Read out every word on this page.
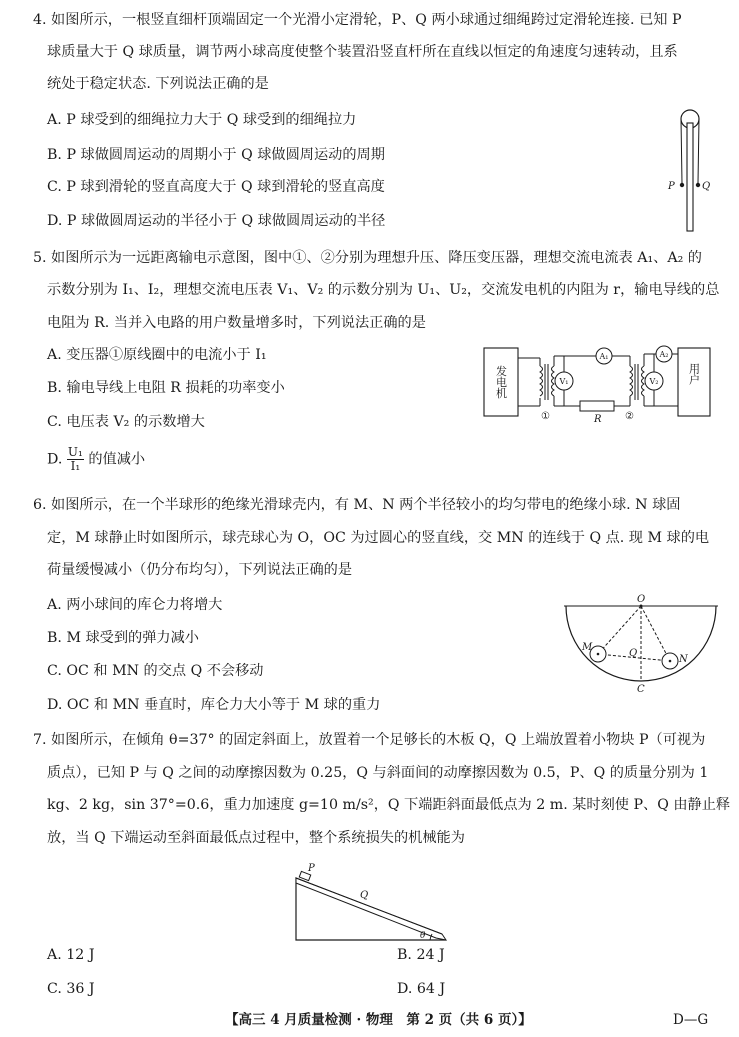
4. 如图所示，一根竖直细杆顶端固定一个光滑小定滑轮，P、Q 两小球通过细绳跨过定滑轮连接. 已知 P
球质量大于 Q 球质量，调节两小球高度使整个装置沿竖直杆所在直线以恒定的角速度匀速转动，且系
统处于稳定状态. 下列说法正确的是
A. P 球受到的细绳拉力大于 Q 球受到的细绳拉力
B. P 球做圆周运动的周期小于 Q 球做圆周运动的周期
C. P 球到滑轮的竖直高度大于 Q 球到滑轮的竖直高度
D. P 球做圆周运动的半径小于 Q 球做圆周运动的半径
P	Q
5. 如图所示为一远距离输电示意图，图中①、②分别为理想升压、降压变压器，理想交流电流表 A₁、A₂ 的
示数分别为 I₁、I₂，理想交流电压表 V₁、V₂ 的示数分别为 U₁、U₂，交流发电机的内阻为 r，输电导线的总
电阻为 R. 当并入电路的用户数量增多时，下列说法正确的是
A. 变压器①原线圈中的电流小于 I₁
B. 输电导线上电阻 R 损耗的功率变小
C. 电压表 V₂ 的示数增大
D. $\frac{\text{U₁}}{\text{I₁}}$ 的值减小
发电机
①
A₁
R
V₁
②
A₂
V₂	用户
6. 如图所示，在一个半球形的绝缘光滑球壳内，有 M、N 两个半径较小的均匀带电的绝缘小球. N 球固
定，M 球静止时如图所示，球壳球心为 O，OC 为过圆心的竖直线，交 MN 的连线于 Q 点. 现 M 球的电
荷量缓慢减小（仍分布均匀），下列说法正确的是
A. 两小球间的库仑力将增大
B. M 球受到的弹力减小
C. OC 和 MN 的交点 Q 不会移动
D. OC 和 MN 垂直时，库仑力大小等于 M 球的重力
O
M
N
Q
C
7. 如图所示，在倾角 θ=37° 的固定斜面上，放置着一个足够长的木板 Q，Q 上端放置着小物块 P（可视为
质点），已知 P 与 Q 之间的动摩擦因数为 0.25，Q 与斜面间的动摩擦因数为 0.5，P、Q 的质量分别为 1
kg、2 kg，sin 37°=0.6，重力加速度 g=10 m/s²，Q 下端距斜面最低点为 2 m. 某时刻使 P、Q 由静止释
放，当 Q 下端运动至斜面最低点过程中，整个系统损失的机械能为
P
Q
θ
A. 12 J	B. 24 J
C. 36 J	D. 64 J
【高三 4 月质量检测 · 物理　第 2 页（共 6 页）】	D—G
